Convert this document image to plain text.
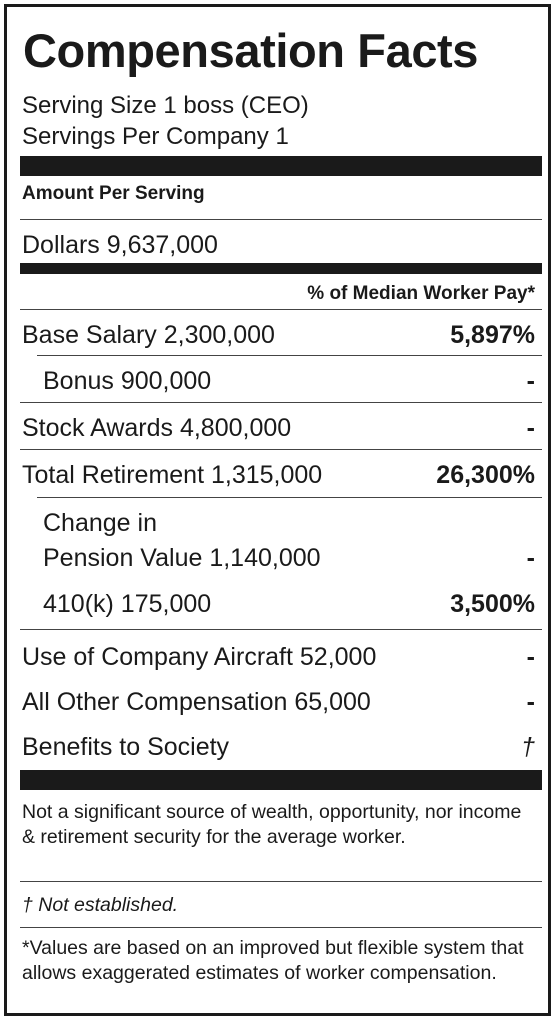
Compensation Facts
Serving Size 1 boss (CEO)
Servings Per Company 1
Amount Per Serving
Dollars 9,637,000
% of Median Worker Pay*
Base Salary 2,300,000	5,897%
Bonus 900,000	-
Stock Awards 4,800,000	-
Total Retirement 1,315,000	26,300%
Change in
Pension Value 1,140,000	-
410(k) 175,000	3,500%
Use of Company Aircraft 52,000	-
All Other Compensation 65,000	-
Benefits to Society	†
Not a significant source of wealth, opportunity, nor income & retirement security for the average worker.
† Not established.
*Values are based on an improved but flexible system that allows exaggerated estimates of worker compensation.
